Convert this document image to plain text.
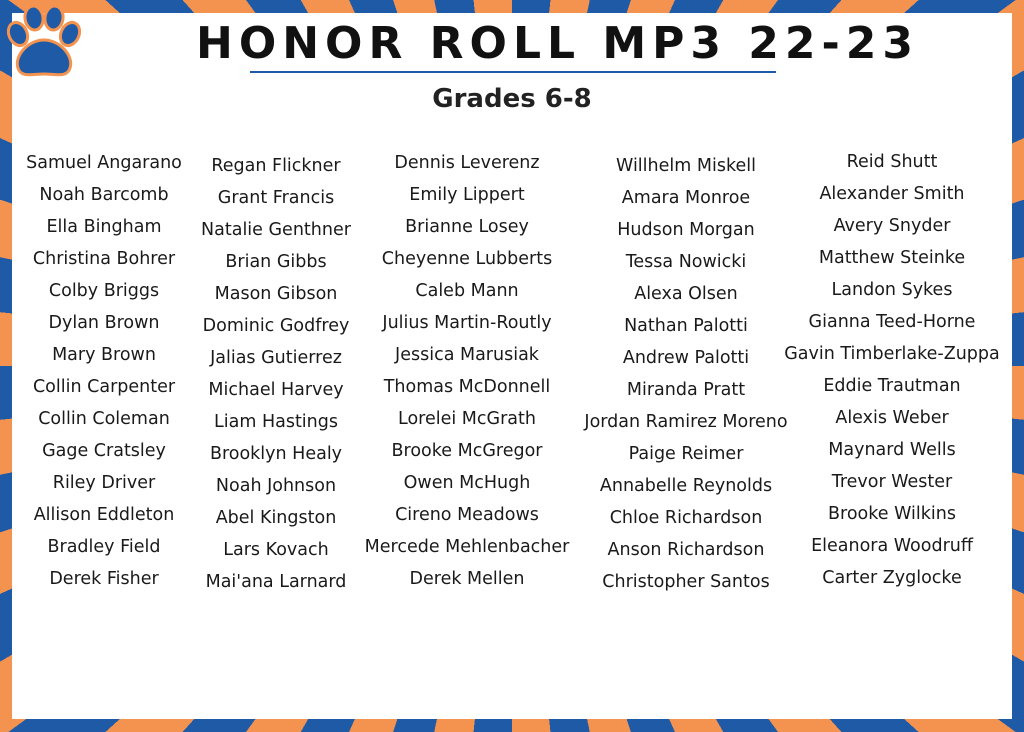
HONOR ROLL MP3 22-23
Grades 6-8
Samuel Angarano
Noah Barcomb
Ella Bingham
Christina Bohrer
Colby Briggs
Dylan Brown
Mary Brown
Collin Carpenter
Collin Coleman
Gage Cratsley
Riley Driver
Allison Eddleton
Bradley Field
Derek Fisher
Regan Flickner
Grant Francis
Natalie Genthner
Brian Gibbs
Mason Gibson
Dominic Godfrey
Jalias Gutierrez
Michael Harvey
Liam Hastings
Brooklyn Healy
Noah Johnson
Abel Kingston
Lars Kovach
Mai'ana Larnard
Dennis Leverenz
Emily Lippert
Brianne Losey
Cheyenne Lubberts
Caleb Mann
Julius Martin-Routly
Jessica Marusiak
Thomas McDonnell
Lorelei McGrath
Brooke McGregor
Owen McHugh
Cireno Meadows
Mercede Mehlenbacher
Derek Mellen
Willhelm Miskell
Amara Monroe
Hudson Morgan
Tessa Nowicki
Alexa Olsen
Nathan Palotti
Andrew Palotti
Miranda Pratt
Jordan Ramirez Moreno
Paige Reimer
Annabelle Reynolds
Chloe Richardson
Anson Richardson
Christopher Santos
Reid Shutt
Alexander Smith
Avery Snyder
Matthew Steinke
Landon Sykes
Gianna Teed-Horne
Gavin Timberlake-Zuppa
Eddie Trautman
Alexis Weber
Maynard Wells
Trevor Wester
Brooke Wilkins
Eleanora Woodruff
Carter Zyglocke
